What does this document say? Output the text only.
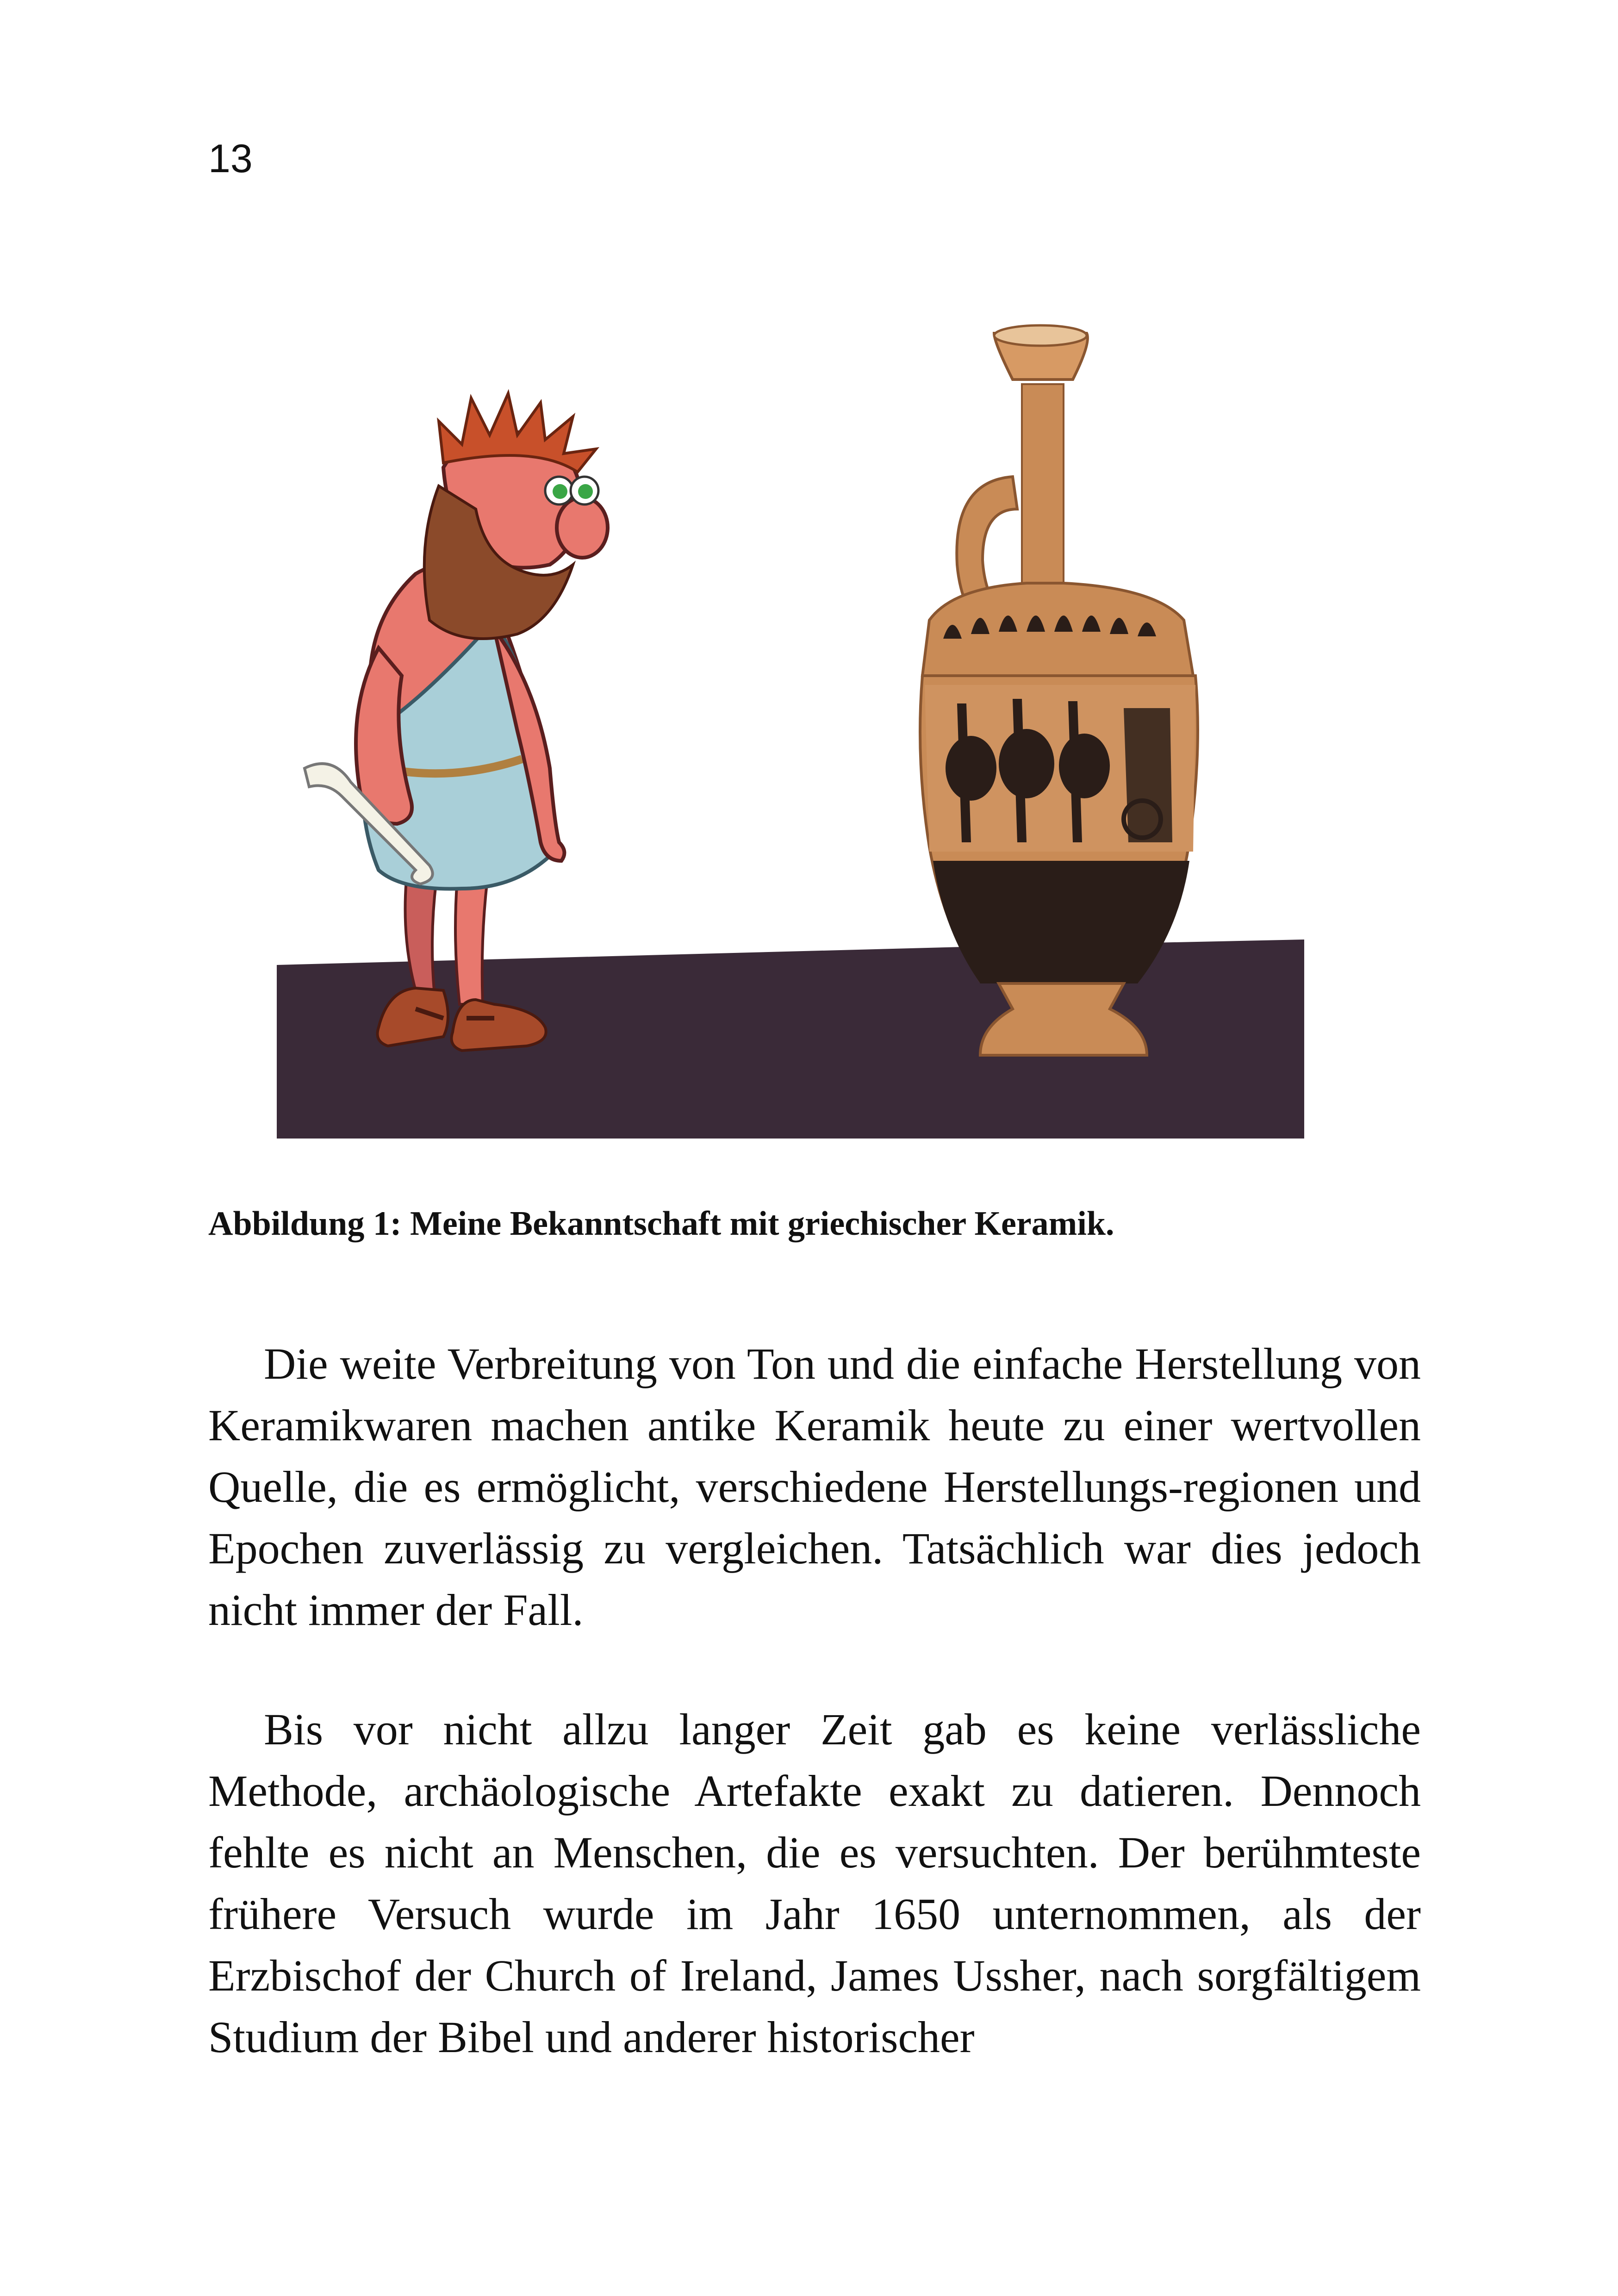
13
Abbildung 1: Meine Bekanntschaft mit griechischer Keramik.

Die weite Verbreitung von Ton und die einfache Herstellung von Keramikwaren machen antike Keramik heute zu einer wertvollen Quelle, die es ermöglicht, verschiedene Herstellungs-regionen und Epochen zuverlässig zu vergleichen. Tatsächlich war dies jedoch nicht immer der Fall.

Bis vor nicht allzu langer Zeit gab es keine verlässliche Methode, archäologische Artefakte exakt zu datieren. Dennoch fehlte es nicht an Menschen, die es versuchten. Der berühmteste frühere Versuch wurde im Jahr 1650 unternommen, als der Erzbischof der Church of Ireland, James Ussher, nach sorgfältigem Studium der Bibel und anderer historischer
